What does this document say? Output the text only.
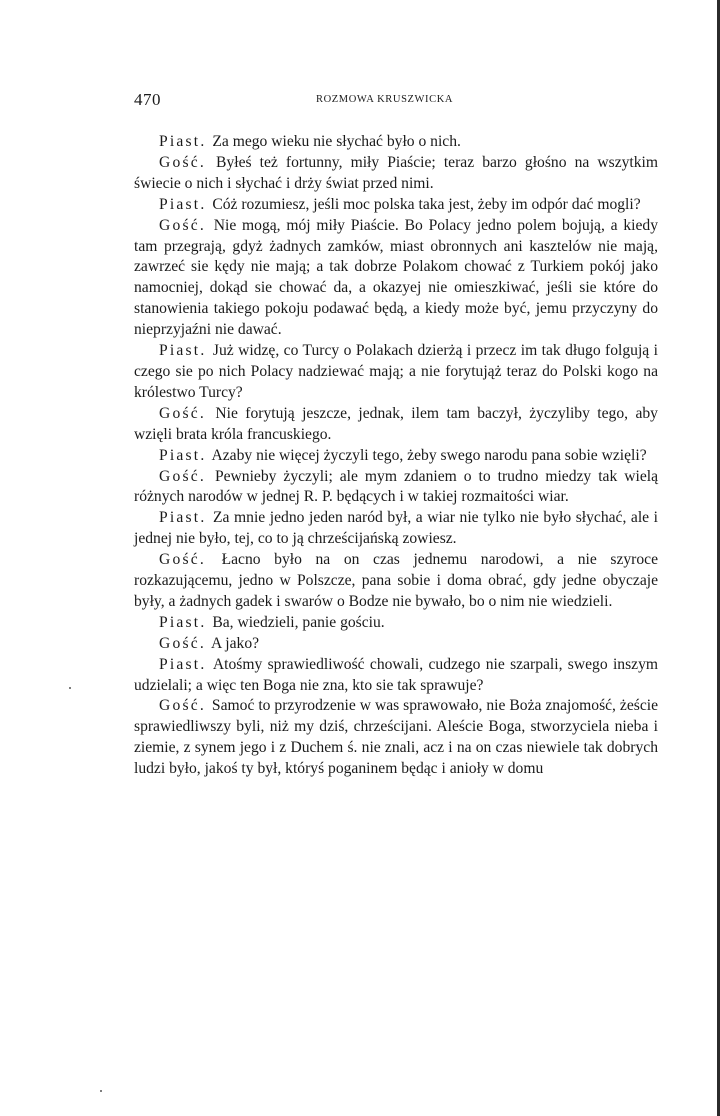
470	ROZMOWA KRUSZWICKA

Piast. Za mego wieku nie słychać było o nich.

Gość. Byłeś też fortunny, miły Piaście; teraz barzo głośno na wszytkim świecie o nich i słychać i drży świat przed nimi.

Piast. Cóż rozumiesz, jeśli moc polska taka jest, żeby im odpór dać mogli?

Gość. Nie mogą, mój miły Piaście. Bo Polacy jedno polem bojują, a kiedy tam przegrają, gdyż żadnych zamków, miast obronnych ani kasztelów nie mają, zawrzeć sie kędy nie mają; a tak dobrze Polakom chować z Turkiem pokój jako namocniej, dokąd sie chować da, a okazyej nie omieszkiwać, jeśli sie które do stanowienia takiego pokoju podawać będą, a kiedy może być, jemu przyczyny do nieprzyjaźni nie dawać.

Piast. Już widzę, co Turcy o Polakach dzierżą i przecz im tak długo folgują i czego sie po nich Polacy nadziewać mają; a nie forytująż teraz do Polski kogo na królestwo Turcy?

Gość. Nie forytują jeszcze, jednak, ilem tam baczył, życzyliby tego, aby wzięli brata króla francuskiego.

Piast. Azaby nie więcej życzyli tego, żeby swego narodu pana sobie wzięli?

Gość. Pewnieby życzyli; ale mym zdaniem o to trudno miedzy tak wielą różnych narodów w jednej R. P. będących i w takiej rozmaitości wiar.

Piast. Za mnie jedno jeden naród był, a wiar nie tylko nie było słychać, ale i jednej nie było, tej, co to ją chrześcijańską zowiesz.

Gość. Łacno było na on czas jednemu narodowi, a nie szyroce rozkazującemu, jedno w Polszcze, pana sobie i doma obrać, gdy jedne obyczaje były, a żadnych gadek i swarów o Bodze nie bywało, bo o nim nie wiedzieli.

Piast. Ba, wiedzieli, panie gościu.

Gość. A jako?

Piast. Atośmy sprawiedliwość chowali, cudzego nie szarpali, swego inszym udzielali; a więc ten Boga nie zna, kto sie tak sprawuje?

Gość. Samoć to przyrodzenie w was sprawowało, nie Boża znajomość, żeście sprawiedliwszy byli, niż my dziś, chrześcijani. Aleście Boga, stworzyciela nieba i ziemie, z synem jego i z Duchem ś. nie znali, acz i na on czas niewiele tak dobrych ludzi było, jakoś ty był, któryś poganinem będąc i anioły w domu
